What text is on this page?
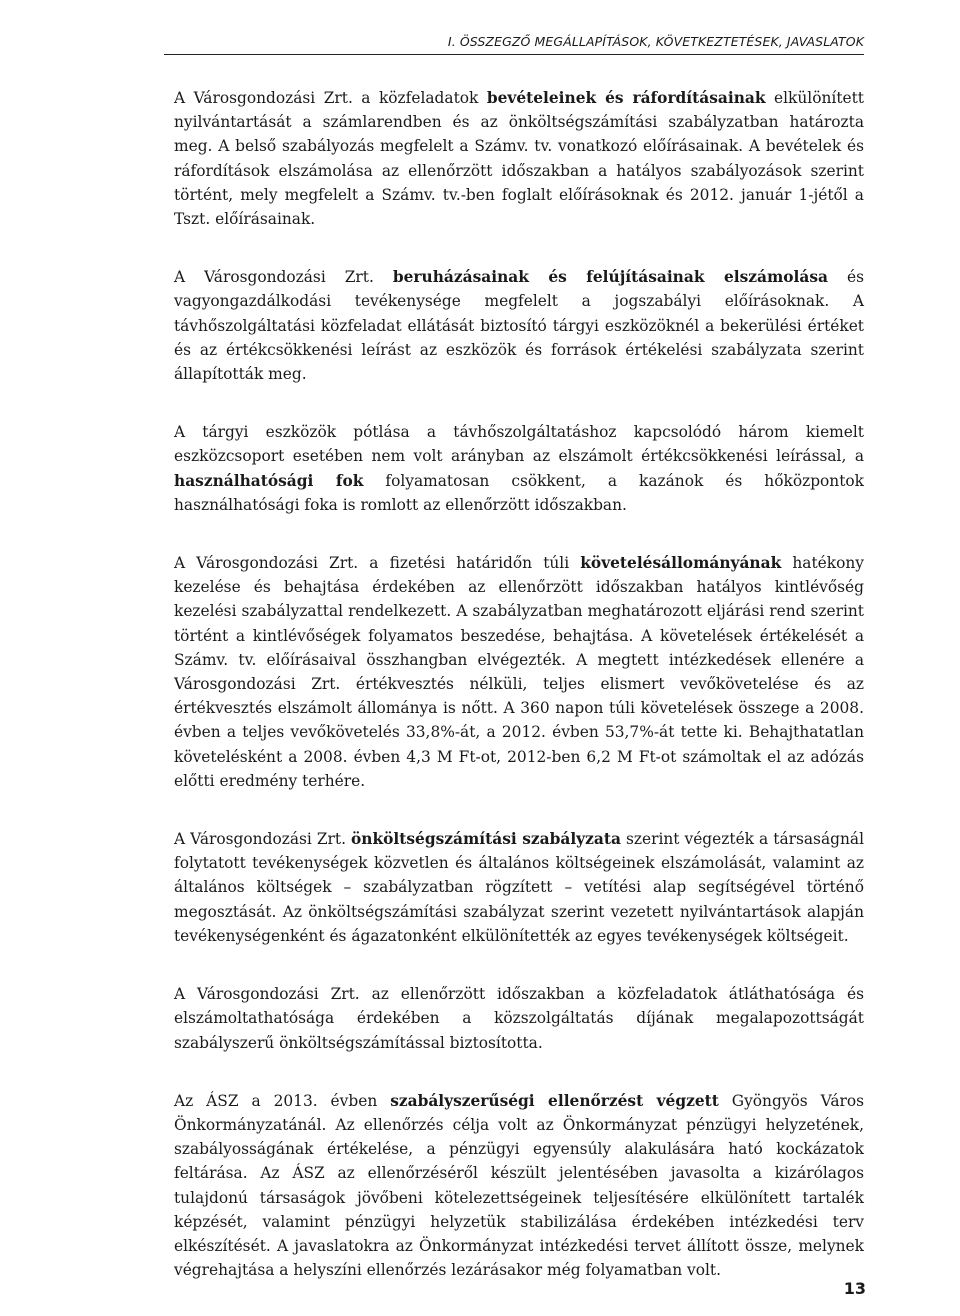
I. ÖSSZEGZŐ MEGÁLLAPÍTÁSOK, KÖVETKEZTETÉSEK, JAVASLATOK

A Városgondozási Zrt. a közfeladatok bevételeinek és ráfordításainak elkülönített nyilvántartását a számlarendben és az önköltségszámítási szabályzatban határozta meg. A belső szabályozás megfelelt a Számv. tv. vonatkozó előírásainak. A bevételek és ráfordítások elszámolása az ellenőrzött időszakban a hatályos szabályozások szerint történt, mely megfelelt a Számv. tv.-ben foglalt előírásoknak és 2012. január 1-jétől a Tszt. előírásainak.

A Városgondozási Zrt. beruházásainak és felújításainak elszámolása és vagyongazdálkodási tevékenysége megfelelt a jogszabályi előírásoknak. A távhőszolgáltatási közfeladat ellátását biztosító tárgyi eszközöknél a bekerülési értéket és az értékcsökkenési leírást az eszközök és források értékelési szabályzata szerint állapították meg.

A tárgyi eszközök pótlása a távhőszolgáltatáshoz kapcsolódó három kiemelt eszközcsoport esetében nem volt arányban az elszámolt értékcsökkenési leírással, a használhatósági fok folyamatosan csökkent, a kazánok és hőközpontok használhatósági foka is romlott az ellenőrzött időszakban.

A Városgondozási Zrt. a fizetési határidőn túli követelésállományának hatékony kezelése és behajtása érdekében az ellenőrzött időszakban hatályos kintlévőség kezelési szabályzattal rendelkezett. A szabályzatban meghatározott eljárási rend szerint történt a kintlévőségek folyamatos beszedése, behajtása. A követelések értékelését a Számv. tv. előírásaival összhangban elvégezték. A megtett intézkedések ellenére a Városgondozási Zrt. értékvesztés nélküli, teljes elismert vevőkövetelése és az értékvesztés elszámolt állománya is nőtt. A 360 napon túli követelések összege a 2008. évben a teljes vevőkövetelés 33,8%-át, a 2012. évben 53,7%-át tette ki. Behajthatatlan követelésként a 2008. évben 4,3 M Ft-ot, 2012-ben 6,2 M Ft-ot számoltak el az adózás előtti eredmény terhére.

A Városgondozási Zrt. önköltségszámítási szabályzata szerint végezték a társaságnál folytatott tevékenységek közvetlen és általános költségeinek elszámolását, valamint az általános költségek – szabályzatban rögzített – vetítési alap segítségével történő megosztását. Az önköltségszámítási szabályzat szerint vezetett nyilvántartások alapján tevékenységenként és ágazatonként elkülönítették az egyes tevékenységek költségeit.

A Városgondozási Zrt. az ellenőrzött időszakban a közfeladatok átláthatósága és elszámoltathatósága érdekében a közszolgáltatás díjának megalapozottságát szabályszerű önköltségszámítással biztosította.

Az ÁSZ a 2013. évben szabályszerűségi ellenőrzést végzett Gyöngyös Város Önkormányzatánál. Az ellenőrzés célja volt az Önkormányzat pénzügyi helyzetének, szabályosságának értékelése, a pénzügyi egyensúly alakulására ható kockázatok feltárása. Az ÁSZ az ellenőrzéséről készült jelentésében javasolta a kizárólagos tulajdonú társaságok jövőbeni kötelezettségeinek teljesítésére elkülönített tartalék képzését, valamint pénzügyi helyzetük stabilizálása érdekében intézkedési terv elkészítését. A javaslatokra az Önkormányzat intézkedési tervet állított össze, melynek végrehajtása a helyszíni ellenőrzés lezárásakor még folyamatban volt.

13
